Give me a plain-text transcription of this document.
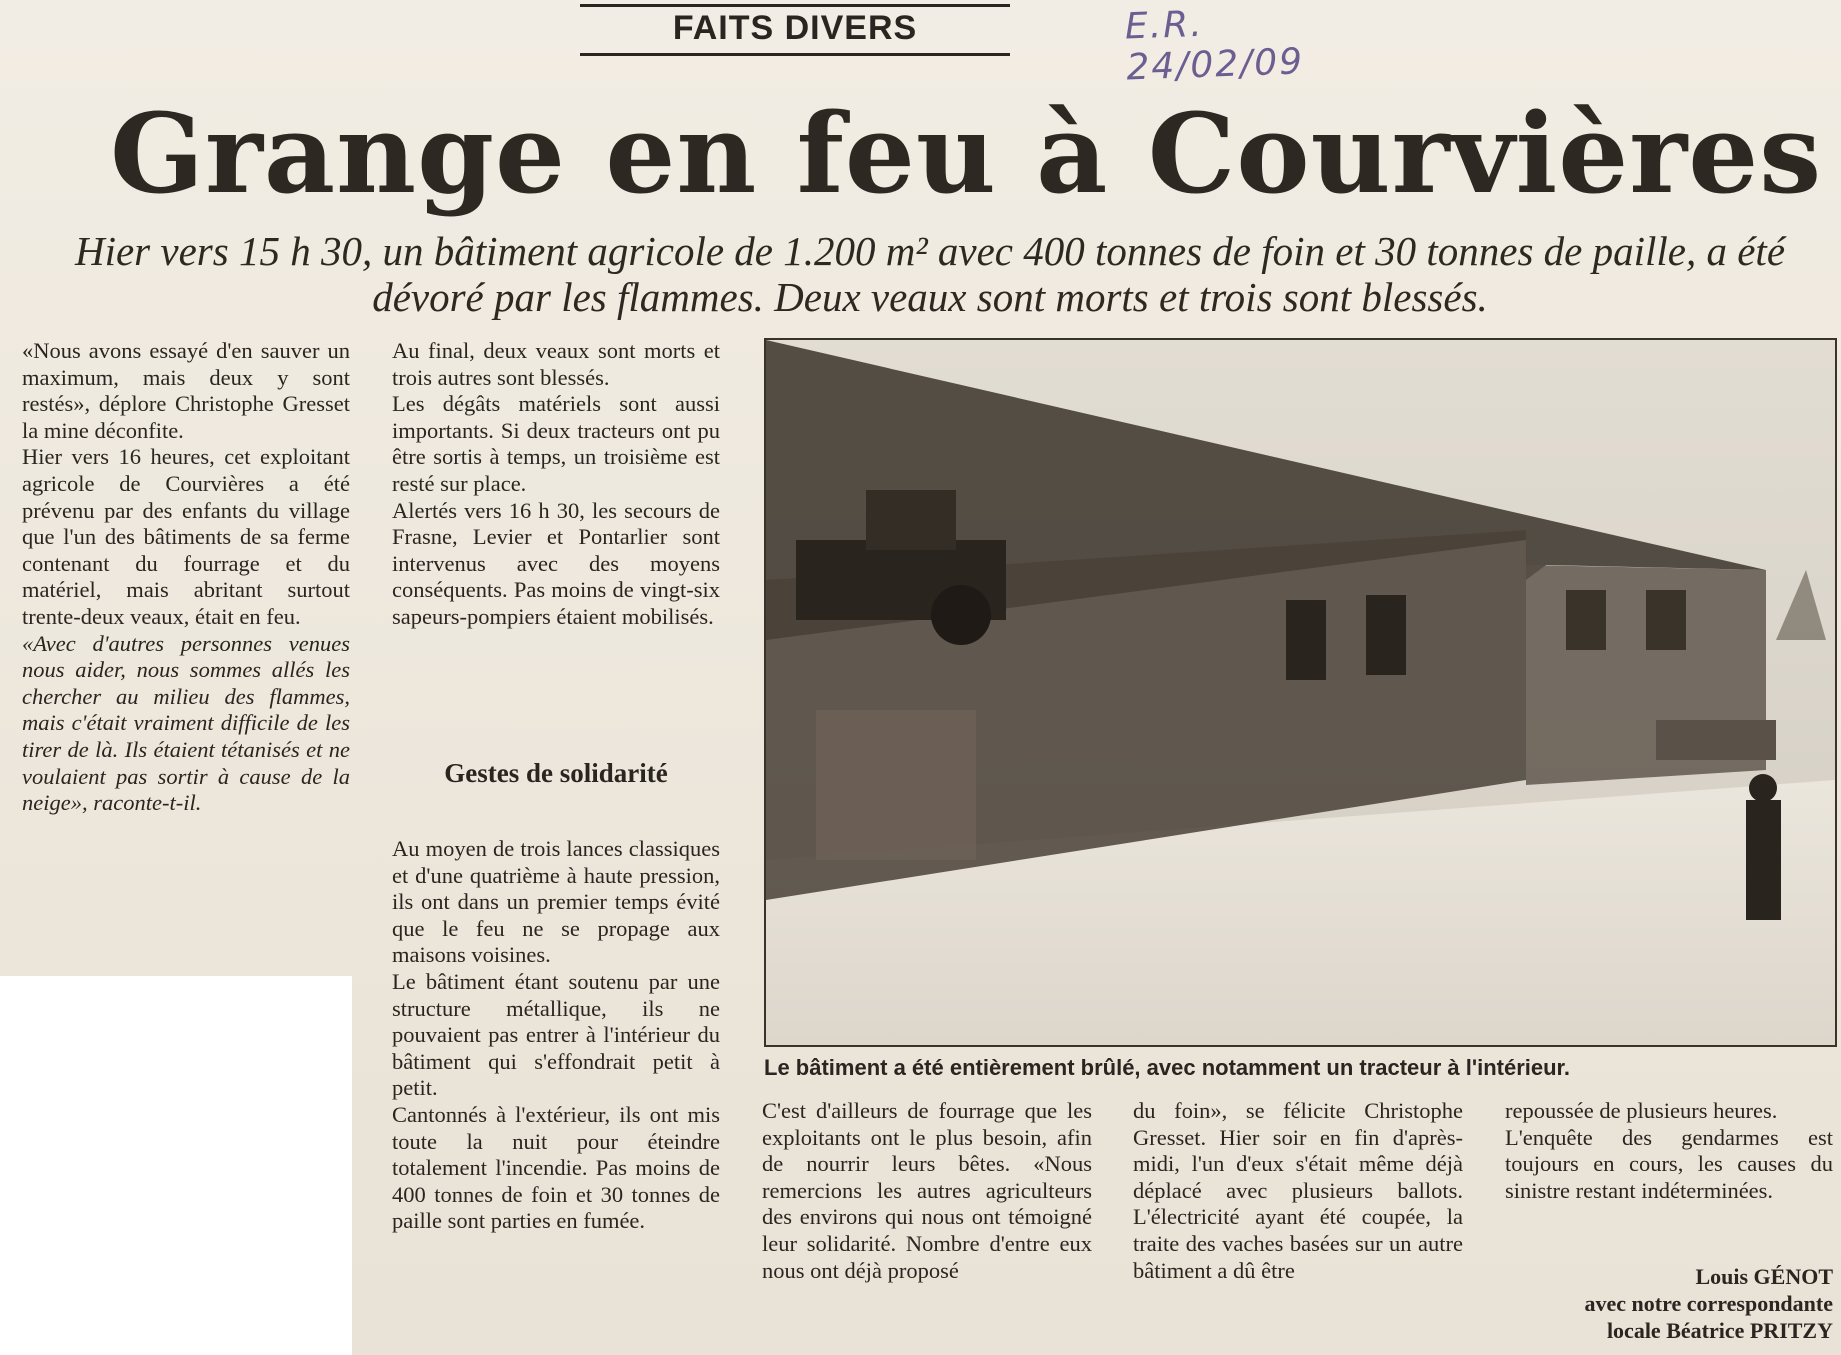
FAITS DIVERS	E.R. 24/02/09
Grange en feu à Courvières
Hier vers 15 h 30, un bâtiment agricole de 1.200 m² avec 400 tonnes de foin et 30 tonnes de paille, a été dévoré par les flammes. Deux veaux sont morts et trois sont blessés.

«Nous avons essayé d'en sauver un maximum, mais deux y sont restés», déplore Christophe Gresset la mine déconfite.

Hier vers 16 heures, cet exploitant agricole de Courvières a été prévenu par des enfants du village que l'un des bâtiments de sa ferme contenant du fourrage et du matériel, mais abritant surtout trente-deux veaux, était en feu.

«Avec d'autres personnes venues nous aider, nous sommes allés les chercher au milieu des flammes, mais c'était vraiment difficile de les tirer de là. Ils étaient tétanisés et ne voulaient pas sortir à cause de la neige», raconte-t-il.

Au final, deux veaux sont morts et trois autres sont blessés.

Les dégâts matériels sont aussi importants. Si deux tracteurs ont pu être sortis à temps, un troisième est resté sur place.

Alertés vers 16 h 30, les secours de Frasne, Levier et Pontarlier sont intervenus avec des moyens conséquents. Pas moins de vingt-six sapeurs-pompiers étaient mobilisés.

Gestes de solidarité

Au moyen de trois lances classiques et d'une quatrième à haute pression, ils ont dans un premier temps évité que le feu ne se propage aux maisons voisines.

Le bâtiment étant soutenu par une structure métallique, ils ne pouvaient pas entrer à l'intérieur du bâtiment qui s'effondrait petit à petit.

Cantonnés à l'extérieur, ils ont mis toute la nuit pour éteindre totalement l'incendie. Pas moins de 400 tonnes de foin et 30 tonnes de paille sont parties en fumée.

Le bâtiment a été entièrement brûlé, avec notamment un tracteur à l'intérieur.

C'est d'ailleurs de fourrage que les exploitants ont le plus besoin, afin de nourrir leurs bêtes. «Nous remercions les autres agriculteurs des environs qui nous ont témoigné leur solidarité. Nombre d'entre eux nous ont déjà proposé

du foin», se félicite Christophe Gresset. Hier soir en fin d'après-midi, l'un d'eux s'était même déjà déplacé avec plusieurs ballots. L'électricité ayant été coupée, la traite des vaches basées sur un autre bâtiment a dû être

repoussée de plusieurs heures.

L'enquête des gendarmes est toujours en cours, les causes du sinistre restant indéterminées.

Louis GÉNOT
avec notre correspondante
locale Béatrice PRITZY
